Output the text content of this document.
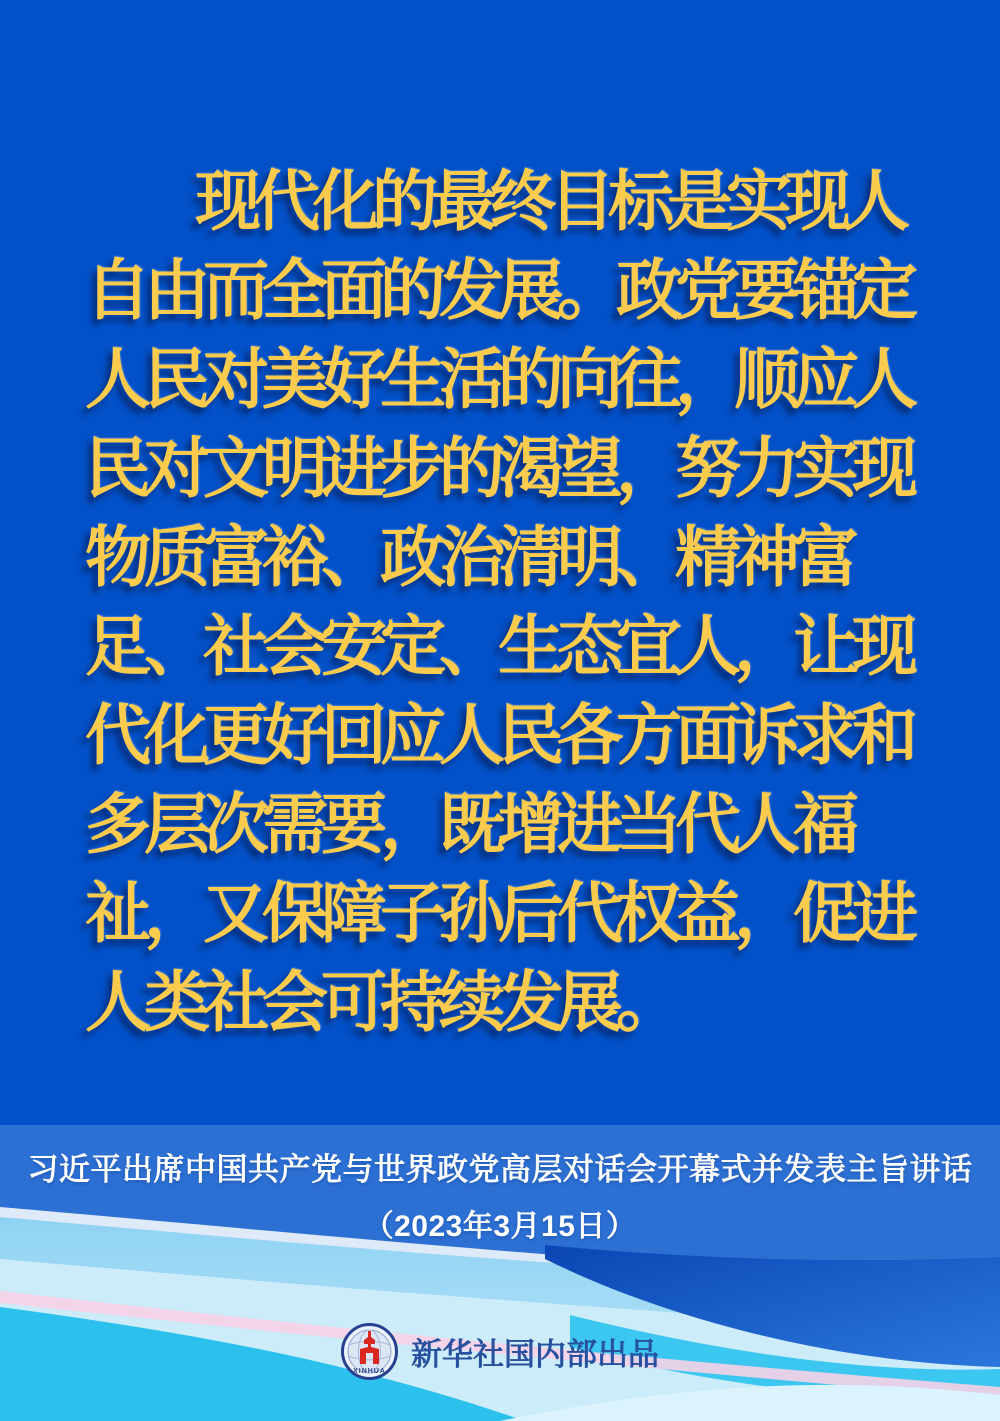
现代化的最终目标是实现人
自由而全面的发展。政党要锚定
人民对美好生活的向往，顺应人
民对文明进步的渴望，努力实现
物质富裕、政治清明、精神富
足、社会安定、生态宜人，让现
代化更好回应人民各方面诉求和
多层次需要，既增进当代人福
祉，又保障子孙后代权益，促进
人类社会可持续发展。
习近平出席中国共产党与世界政党高层对话会开幕式并发表主旨讲话
（2023年3月15日）
XINHUA 新华社国内部出品
